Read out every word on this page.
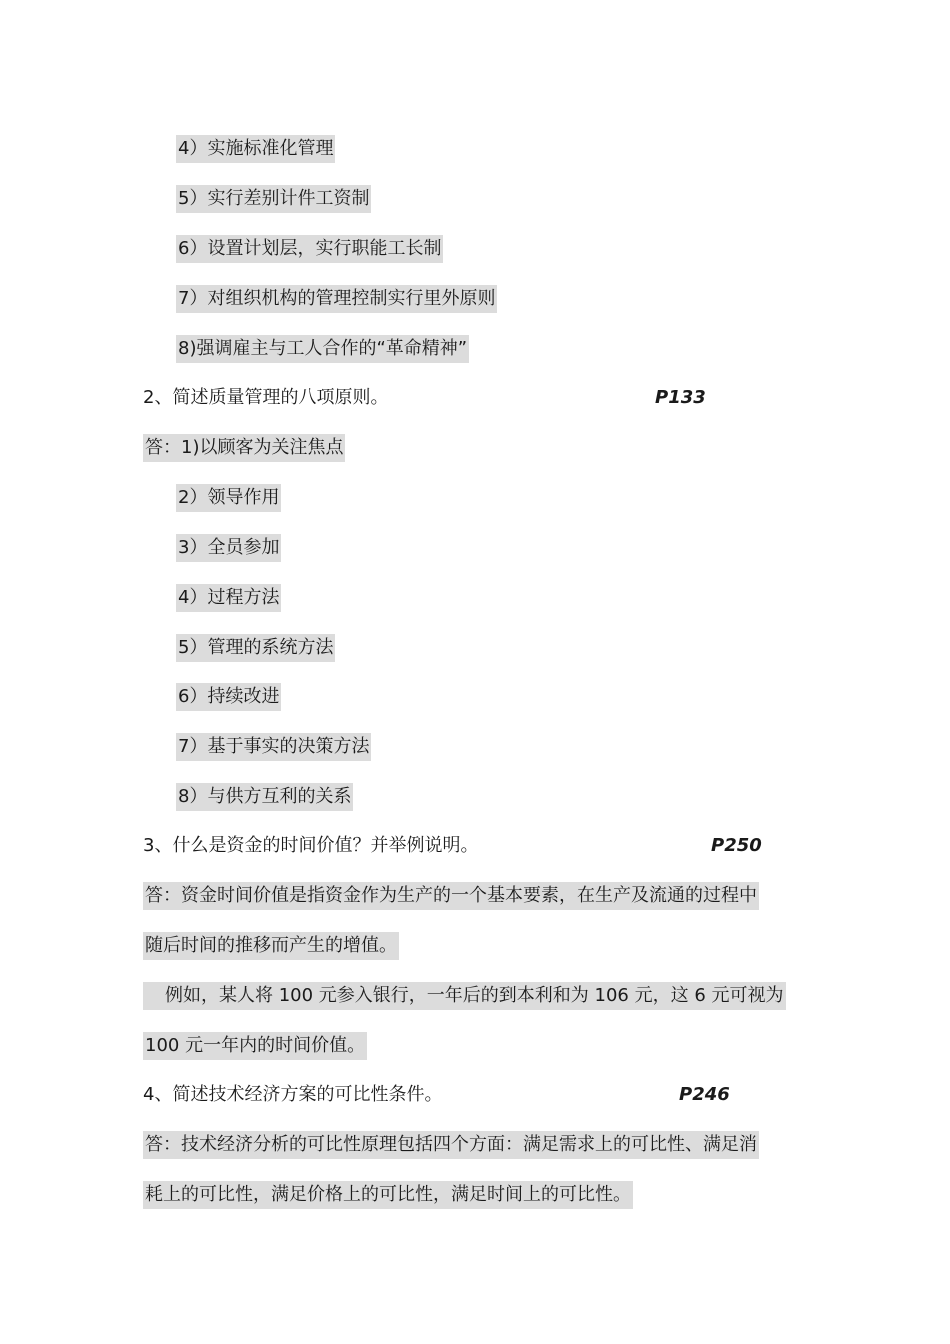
4）实施标准化管理
5）实行差别计件工资制
6）设置计划层，实行职能工长制
7）对组织机构的管理控制实行里外原则
8)强调雇主与工人合作的“革命精神”
2、简述质量管理的八项原则。	P133
答：1)以顾客为关注焦点
2）领导作用
3）全员参加
4）过程方法
5）管理的系统方法
6）持续改进
7）基于事实的决策方法
8）与供方互利的关系
3、什么是资金的时间价值？并举例说明。	P250
答：资金时间价值是指资金作为生产的一个基本要素，在生产及流通的过程中
随后时间的推移而产生的增值。
例如，某人将 100 元参入银行，一年后的到本利和为 106 元，这 6 元可视为
100 元一年内的时间价值。
4、简述技术经济方案的可比性条件。	P246
答：技术经济分析的可比性原理包括四个方面：满足需求上的可比性、满足消
耗上的可比性，满足价格上的可比性，满足时间上的可比性。
